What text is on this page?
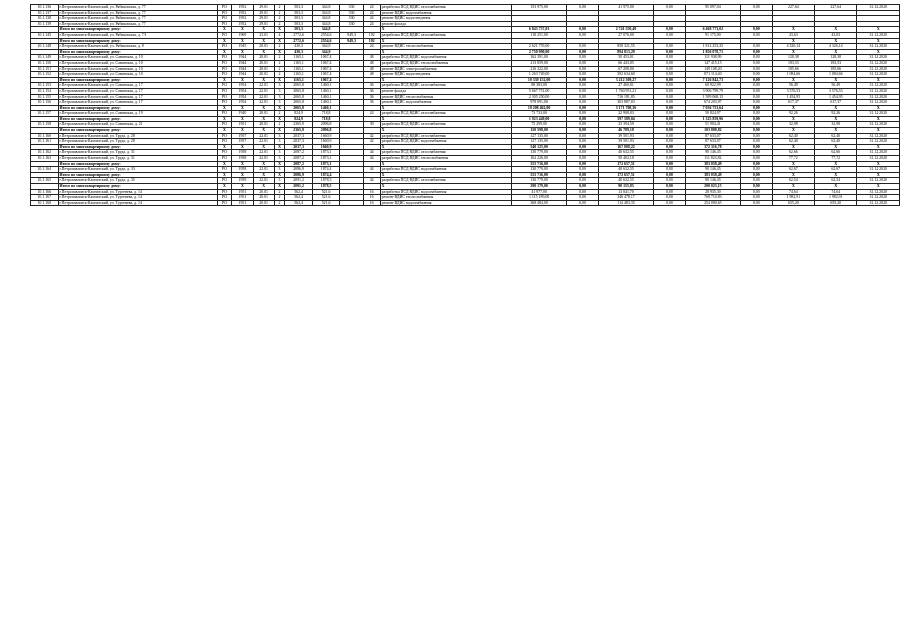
10.1.136	г.Петропавловск-Камчатский, ул. Рябиковская, д. 77	РО	1952	29.01	2	503,3	344,8	330	24	разработка ПСД ВДИС газоснабжения	153 975,00	0,00	41 975,00	0,00	95 097,04	0,00	227,64	227,64	31.12.2020
10.1.137	г.Петропавловск-Камчатский, ул. Рябиковская, д. 77	РО	1952	29.01	2	503,3	344,8	330	24	ремонт ВДИС водоснабжения									
10.1.138	г.Петропавловск-Камчатский, ул. Рябиковская, д. 77	РО	1952	29.01	2	503,3	344,8	330	24	ремонт ВДИС водоотведения									
10.1.139	г.Петропавловск-Камчатский, ул. Рябиковская, д. 77	РО	1952	29.01	2	503,3	344,8	330	24	ремонт фасада									
	Итого по многоквартирному дому:	X	X	X	X	503,3	344,8			X	6 843 737,03	0,00	2 741 550,49	0,00	6 468 773,02	0,00	X	X	X
10.1.145	г.Петропавловск-Камчатский, ул. Рябиковская, д. 7/1	РО	1969	23.01	4	2772,6	2554,6	949,3	192	разработка ПСД ВДИС газоснабжения	118 251,00	0,00	27 076,00	0,00	91 175,00	0,00	43,63	43,63	31.12.2020
	Итого по многоквартирному дому:	X	X	X	X	2772,6	2554,6	949,3	192	X							X	X	X
10.1.148	г.Петропавловск-Камчатский, ул. Рябиковская, д. 8	РО	1945	20.01	2	430,3	344,9		24	ремонт ВДИС теплоснабжения	2 621 755,00	0,00	858 321,55	0,00	1 812 253,35	0,00	4 326,14	4 326,14	31.12.2020
	Итого по многоквартирному дому:	X	X	X	X	430,3	344,9			X	2 750 990,00	0,00	894 813,29	0,00	1 856 078,71	0,00	X	X	X
10.1.149	г.Петропавловск-Камчатский, ул. Савинская, д. 10	РО	1944	20.01	2	1165,1	1067,4		48	разработка ПСД ВДИС водоснабжения	162 391,00	0,00	50 453,01	0,00	111 938,99	0,00	128,38	128,38	31.12.2020
10.1.150	г.Петропавловск-Камчатский, ул. Савинская, д. 10	РО	1944	20.01	2	1165,1	1067,4		48	разработка ПСД ВДИС теплоснабжения	213 859,00	0,00	66 443,85	0,00	147 415,15	0,00	183,53	183,53	31.12.2020
10.1.151	г.Петропавловск-Камчатский, ул. Савинская, д. 10	РО	1944	20.01	2	1165,1	1067,4		48	ремонт ВДИС электроснабжения	216 322,00	0,00	67 208,80	0,00	149 108,20	0,00	185,66	185,66	31.12.2020
10.1.152	г.Петропавловск-Камчатский, ул. Савинская, д. 10	РО	1944	20.01	2	1165,1	1067,4		48	ремонт ВДИС водоотведения	1 263 749,00	0,00	392 634,60	0,00	871 114,40	0,00	1 084,66	1 084,66	31.12.2020
	Итого по многоквартирному дому:	X	X	X	X	1165,1	1067,4			X	10 339 152,00	0,00	3 212 309,27	0,00	7 126 842,73	0,00	X	X	X
10.1.153	г.Петропавловск-Камчатский, ул. Савинская, д. 17	РО	1954	22.01	3	2065,8	1460,1		36	разработка ПСД ВДИС газоснабжения	88 383,00	0,00	27 460,01	0,00	60 922,99	0,00	56,49	56,49	31.12.2020
10.1.154	г.Петропавловск-Камчатский, ул. Савинская, д. 17	РО	1954	22.01	3	2065,8	1460,1		36	ремонт фасада	5 667 751,00	0,00	1 760 951,21	0,00	3 906 799,79	0,00	3 576,53	3 576,53	31.12.2020
10.1.155	г.Петропавловск-Камчатский, ул. Савинская, д. 17	РО	1954	22.01	3	2065,8	1460,1		36	ремонт ВДИС теплоснабжения	2 305 250,00	0,00	716 181,85	0,00	1 589 068,15	0,00	1 454,95	1 454,95	31.12.2020
10.1.156	г.Петропавловск-Камчатский, ул. Савинская, д. 17	РО	1954	22.01	3	2065,8	1460,1		36	ремонт ВДИС водоснабжения	978 091,00	0,00	303 887,03	0,00	674 203,97	0,00	617,37	617,37	31.12.2020
	Итого по многоквартирному дому:	X	X	X	X	2065,8	1460,1			X	10 208 462,00	0,00	3 171 708,36	0,00	7 036 753,64	0,00	X	X	X
10.1.157	г.Петропавловск-Камчатский, ул. Савинская, д. 19	РО	1940	20.01	2	824,9	718,8		24	разработка ПСД ВДИС газоснабжения	73 733,00	0,00	22 908,03	0,00	50 824,97	0,00	92,26	92,26	31.12.2020
	Итого по многоквартирному дому:	X	X	X	X	824,9	718,8			X	1 923 449,00	0,00	597 589,04	0,00	1 325 859,96	0,00	X	X	X
10.1.158	г.Петропавловск-Камчатский, ул. Савинская, д. 21	РО	1951	20.01	2	2365,9	2096,8		39	разработка ПСД ВДИС газоснабжения	75 299,00	0,00	23 394,59	0,00	51 904,41	0,00	32,98	32,98	31.12.2020
	Итого по многоквартирному дому:	X	X	X	X	2365,9	2096,8			X	150 598,00	0,00	46 789,18	0,00	103 808,82	0,00	X	X	X
10.1.160	г.Петропавловск-Камчатский, ул. Труда, д. 28	РО	1957	22.01	3	2037,3	1660,9		42	разработка ПСД ВДИС газоснабжения	127 135,00	0,00	39 501,93	0,00	87 633,07	0,00	62,40	62,40	31.12.2020
10.1.161	г.Петропавловск-Камчатский, ул. Труда, д. 28	РО	1957	22.01	3	2037,3	1660,9		42	разработка ПСД ВДИС водоснабжения	127 135,00	0,00	39 501,93	0,00	87 633,07	0,00	62,40	62,40	31.12.2020
	Итого по многоквартирному дому:	X	X	X	X	2037,3	1660,9			X	540 125,00	0,00	167 808,22	0,00	372 316,78	0,00	X	X	X
10.1.162	г.Петропавловск-Камчатский, ул. Труда, д. 31	РО	1958	22.01	3	2087,2	1873,1		44	разработка ПСД ВДИС газоснабжения	130 779,00	0,00	40 632,55	0,00	90 146,45	0,00	62,66	62,66	31.12.2020
10.1.163	г.Петропавловск-Камчатский, ул. Труда, д. 31	РО	1958	22.01	3	2087,2	1873,1		44	разработка ПСД ВДИС теплоснабжения	162 226,00	0,00	50 402,18	0,00	111 823,82	0,00	77,72	77,72	31.12.2020
	Итого по многоквартирному дому:	X	X	X	X	2087,2	1873,1			X	555 716,00	0,00	172 657,51	0,00	383 058,49	0,00	X	X	X
10.1.164	г.Петропавловск-Камчатский, ул. Труда, д. 33	РО	1958	22.01	3	2086,9	1874,4		44	разработка ПСД ВДИС водоснабжения	130 779,00	0,00	40 632,55	0,00	90 146,45	0,00	62,67	62,67	31.12.2020
	Итого по многоквартирному дому:	X	X	X	X	2086,9	1874,4			X	555 716,00	0,00	172 657,51	0,00	383 058,49	0,00	X	X	X
10.1.165	г.Петропавловск-Камчатский, ул. Труда, д. 35	РО	1959	22.01	3	2091,2	1878,5		44	разработка ПСД ВДИС газоснабжения	130 779,00	0,00	40 632,55	0,00	90 146,45	0,00	62,54	62,54	31.12.2020
	Итого по многоквартирному дому:	X	X	X	X	2091,2	1878,5			X	290 179,00	0,00	90 155,85	0,00	200 023,15	0,00	X	X	X
10.1.166	г.Петропавловск-Камчатский, ул. Тургенева, д. 14	РО	1951	20.01	2	562,4	521,6		16	разработка ПСД ВДИС водоснабжения	41 977,00	0,00	13 041,70	0,00	28 935,30	0,00	74,64	74,64	31.12.2020
10.1.167	г.Петропавловск-Камчатский, ул. Тургенева, д. 14	РО	1951	20.01	2	562,4	521,6		16	ремонт ВДИС теплоснабжения	1 115 189,00	0,00	346 478,17	0,00	768 710,83	0,00	1 982,91	1 982,91	31.12.2020
10.1.168	г.Петропавловск-Камчатский, ул. Тургенева, д. 14	РО	1951	20.01	2	562,4	521,6		16	ремонт ВДИС водоснабжения	368 484,00	0,00	114 483,35	0,00	254 000,65	0,00	655,20	655,20	31.12.2020
